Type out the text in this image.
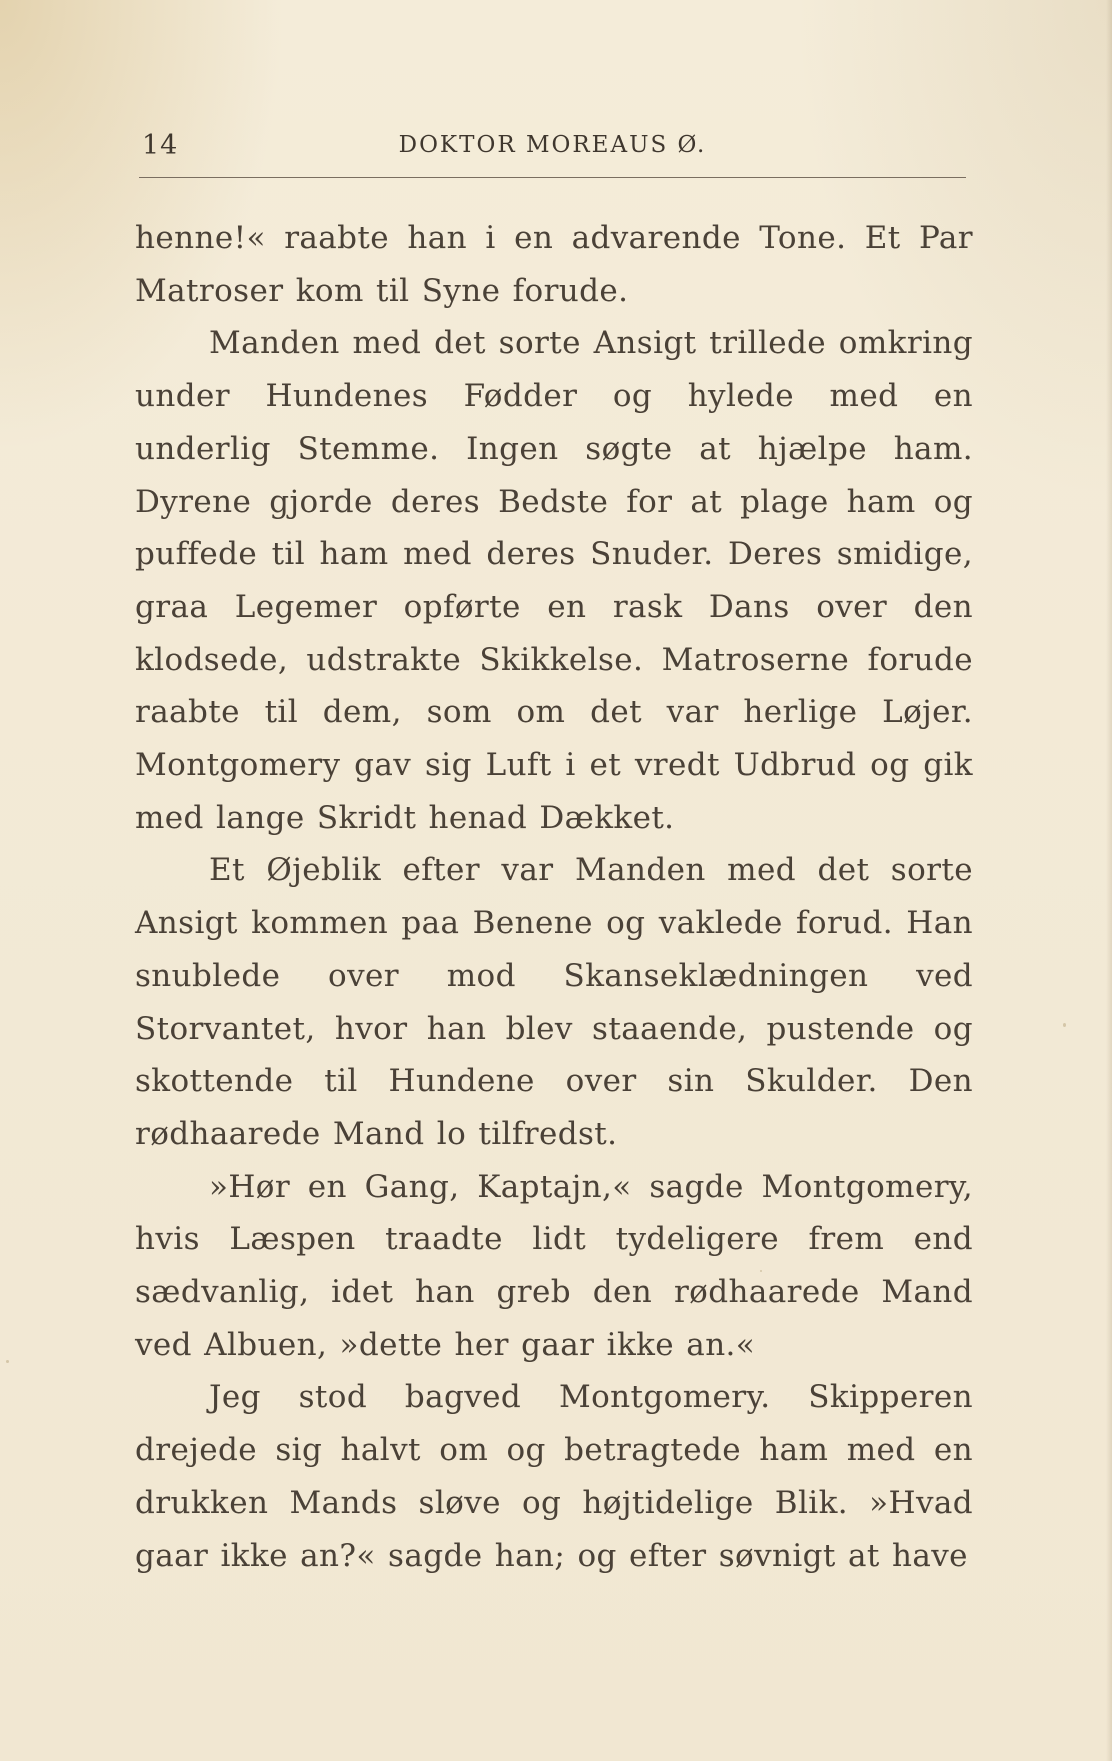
14	DOKTOR MOREAUS Ø.

henne!« raabte han i en advarende Tone. Et Par Matroser kom til Syne forude.

Manden med det sorte Ansigt trillede omkring under Hundenes Fødder og hylede med en underlig Stemme. Ingen søgte at hjælpe ham. Dyrene gjorde deres Bedste for at plage ham og puffede til ham med deres Snuder. Deres smidige, graa Legemer opførte en rask Dans over den klodsede, udstrakte Skikkelse. Matroserne forude raabte til dem, som om det var herlige Løjer. Montgomery gav sig Luft i et vredt Udbrud og gik med lange Skridt henad Dækket.

Et Øjeblik efter var Manden med det sorte Ansigt kommen paa Benene og vaklede forud. Han snublede over mod Skanseklædningen ved Storvantet, hvor han blev staaende, pustende og skottende til Hundene over sin Skulder. Den rødhaarede Mand lo tilfredst.

»Hør en Gang, Kaptajn,« sagde Montgomery, hvis Læspen traadte lidt tydeligere frem end sædvanlig, idet han greb den rødhaarede Mand ved Albuen, »dette her gaar ikke an.«

Jeg stod bagved Montgomery. Skipperen drejede sig halvt om og betragtede ham med en drukken Mands sløve og højtidelige Blik. »Hvad gaar ikke an?« sagde han; og efter søvnigt at have
